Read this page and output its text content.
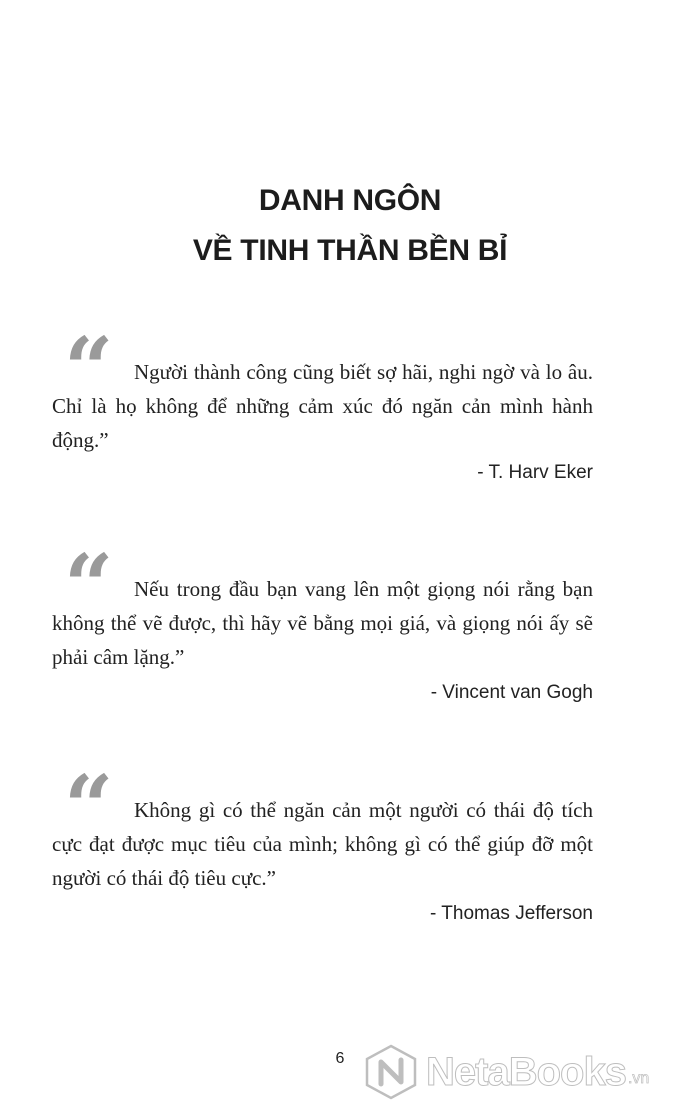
DANH NGÔN
VỀ TINH THẦN BỀN BỈ
“	Người thành công cũng biết sợ hãi, nghi ngờ và lo âu. Chỉ là họ không để những cảm xúc đó ngăn cản mình hành động.”
- T. Harv Eker
“	Nếu trong đầu bạn vang lên một giọng nói rằng bạn không thể vẽ được, thì hãy vẽ bằng mọi giá, và giọng nói ấy sẽ phải câm lặng.”
- Vincent van Gogh
“	Không gì có thể ngăn cản một người có thái độ tích cực đạt được mục tiêu của mình; không gì có thể giúp đỡ một người có thái độ tiêu cực.”
- Thomas Jefferson
6	NetaBooks .vn
